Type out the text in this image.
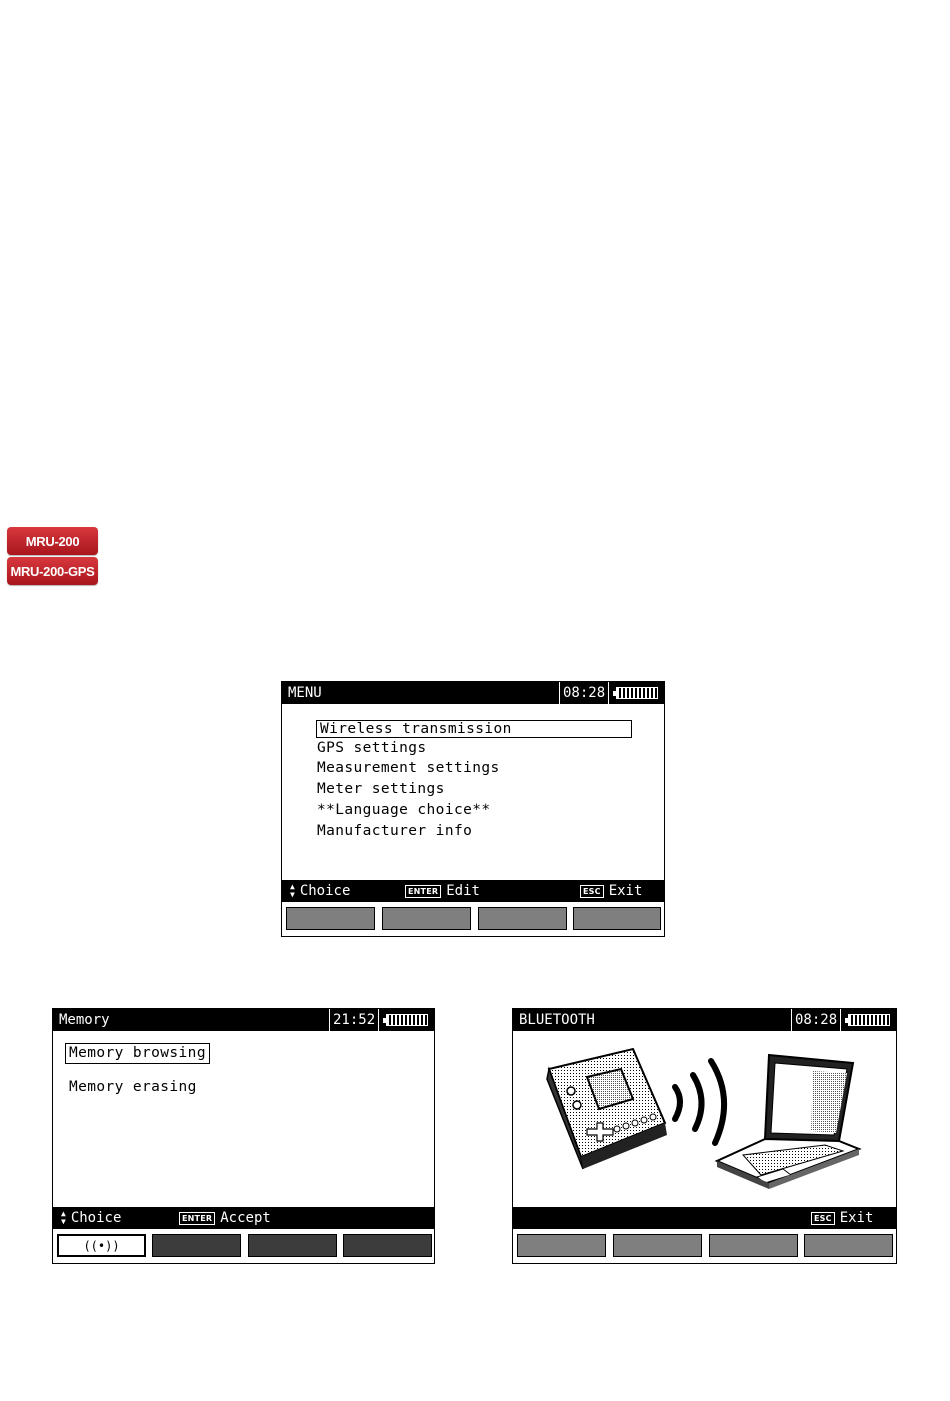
MRU-200
MRU-200-GPS
MENU	08:28
Wireless transmission
GPS settings
Measurement settings
Meter settings
**Language choice**
Manufacturer info
▲
▼ Choice	ENTER Edit	ESC Exit
Memory	21:52
Memory browsing
Memory erasing
▲
▼ Choice	ENTER Accept
((•))
BLUETOOTH	08:28
ESC Exit
